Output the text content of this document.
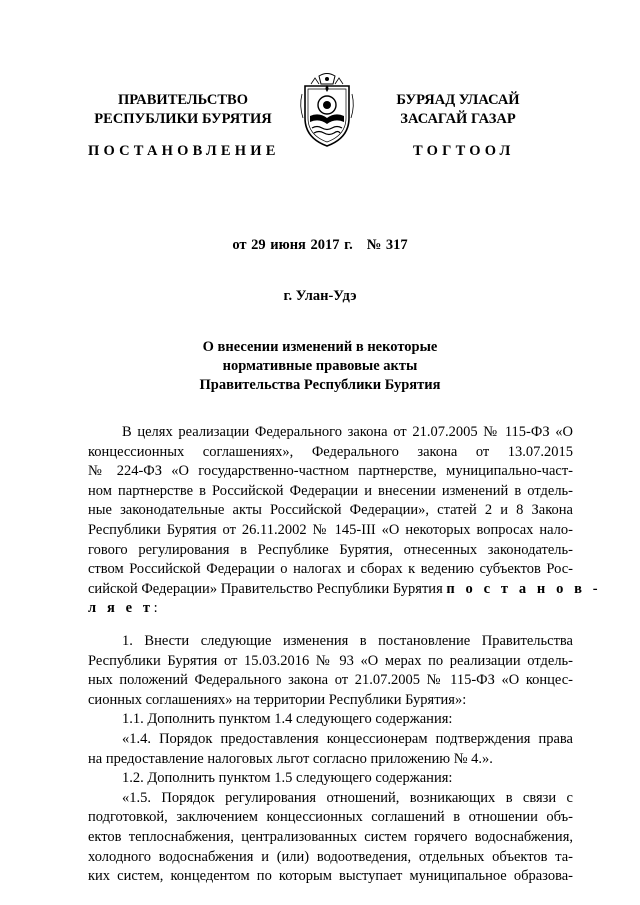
ПРАВИТЕЛЬСТВО
РЕСПУБЛИКИ БУРЯТИЯ
БУРЯАД УЛАСАЙ
ЗАСАГАЙ ГАЗАР
ПОСТАНОВЛЕНИЕ	ТОГТООЛ
от 29 июня 2017 г. № 317
г. Улан-Удэ
О внесении изменений в некоторые
нормативные правовые акты
Правительства Республики Бурятия
В целях реализации Федерального закона от 21.07.2005 № 115-ФЗ «О
концессионных соглашениях», Федерального закона от 13.07.2015
№ 224-ФЗ «О государственно-частном партнерстве, муниципально-част-
ном партнерстве в Российской Федерации и внесении изменений в отдель-
ные законодательные акты Российской Федерации», статей 2 и 8 Закона
Республики Бурятия от 26.11.2002 № 145-III «О некоторых вопросах нало-
гового регулирования в Республике Бурятия, отнесенных законодатель-
ством Российской Федерации о налогах и сборах к ведению субъектов Рос-
сийской Федерации» Правительство Республики Бурятия п о с т а н о в -
л я е т:
1. Внести следующие изменения в постановление Правительства
Республики Бурятия от 15.03.2016 № 93 «О мерах по реализации отдель-
ных положений Федерального закона от 21.07.2005 № 115-ФЗ «О концес-
сионных соглашениях» на территории Республики Бурятия»:
1.1. Дополнить пунктом 1.4 следующего содержания:
«1.4. Порядок предоставления концессионерам подтверждения права
на предоставление налоговых льгот согласно приложению № 4.».
1.2. Дополнить пунктом 1.5 следующего содержания:
«1.5. Порядок регулирования отношений, возникающих в связи с
подготовкой, заключением концессионных соглашений в отношении объ-
ектов теплоснабжения, централизованных систем горячего водоснабжения,
холодного водоснабжения и (или) водоотведения, отдельных объектов та-
ких систем, концедентом по которым выступает муниципальное образова-
